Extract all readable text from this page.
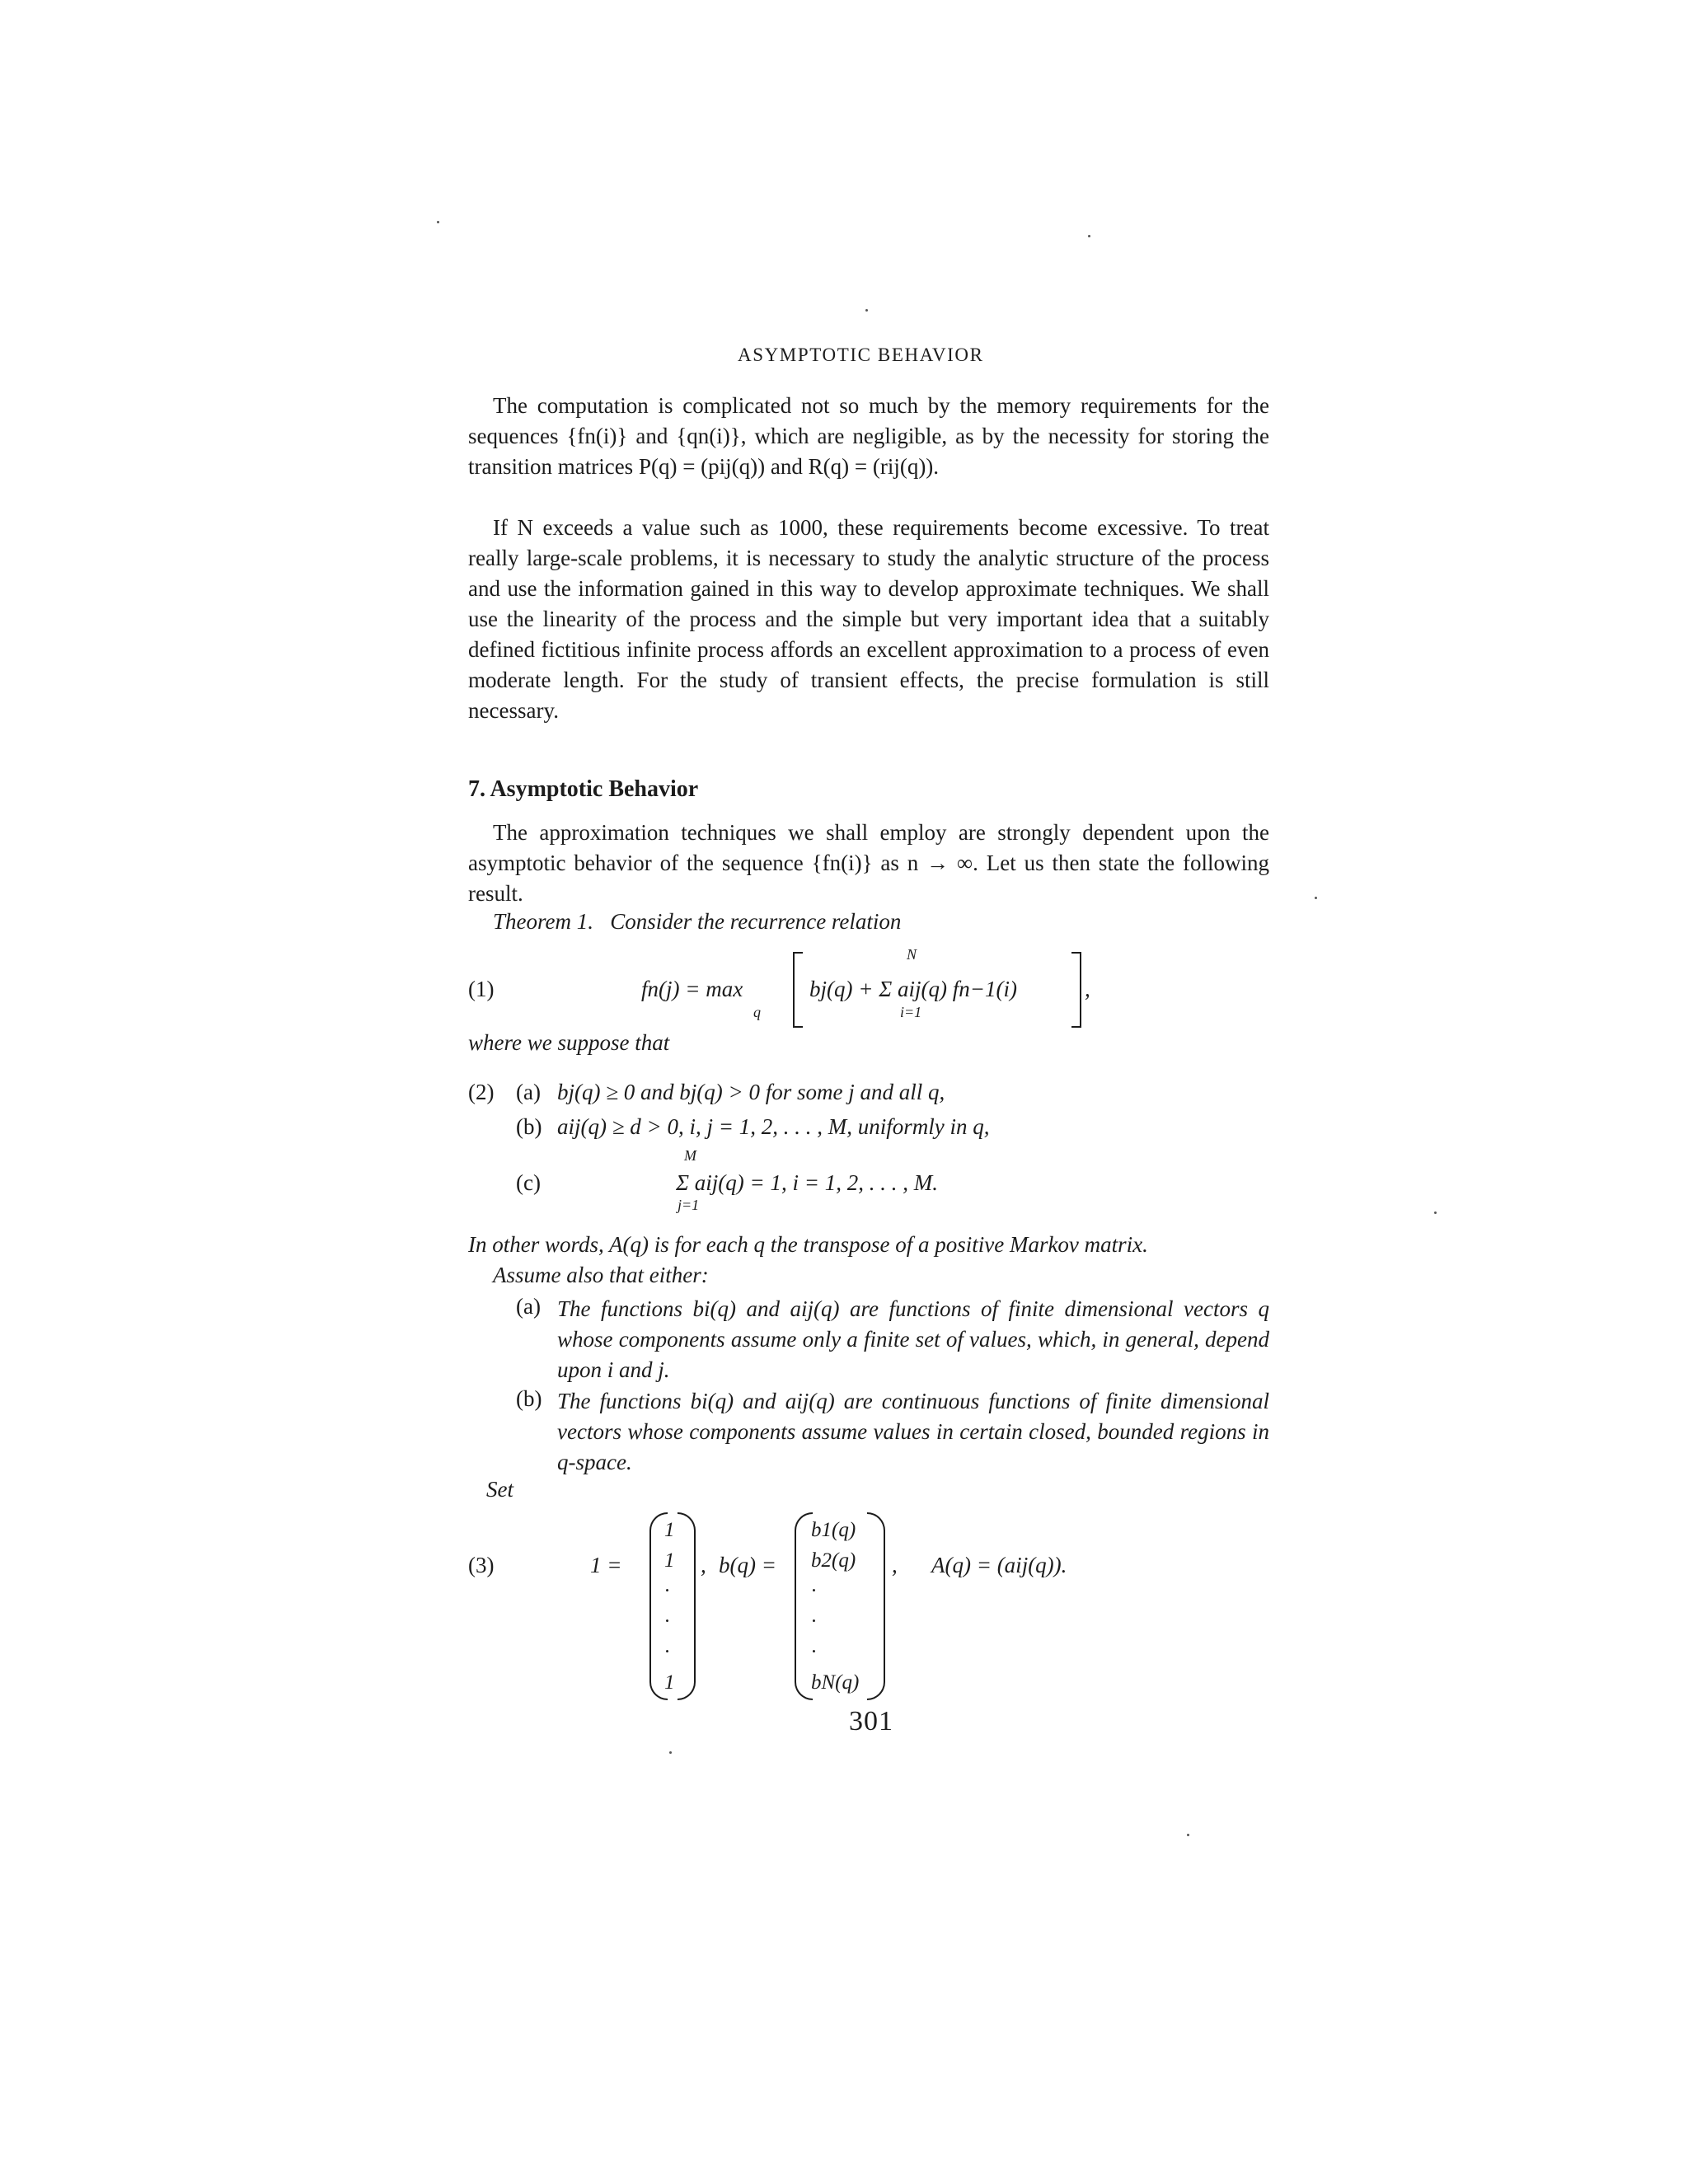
ASYMPTOTIC BEHAVIOR
The computation is complicated not so much by the memory requirements for the sequences {fn(i)} and {qn(i)}, which are negligible, as by the necessity for storing the transition matrices P(q) = (pij(q)) and R(q) = (rij(q)).
If N exceeds a value such as 1000, these requirements become excessive. To treat really large-scale problems, it is necessary to study the analytic structure of the process and use the information gained in this way to develop approximate techniques. We shall use the linearity of the process and the simple but very important idea that a suitably defined fictitious infinite process affords an excellent approximation to a process of even moderate length. For the study of transient effects, the precise formulation is still necessary.
7. Asymptotic Behavior
The approximation techniques we shall employ are strongly dependent upon the asymptotic behavior of the sequence {fn(i)} as n → ∞. Let us then state the following result.
Theorem 1. Consider the recurrence relation
(1)	fn(j) = max
q
N
bj(q) + Σ aij(q) fn−1(i)
i=1
,
where we suppose that
(2) (a) bj(q) ≥ 0 and bj(q) > 0 for some j and all q,
(b) aij(q) ≥ d > 0, i, j = 1, 2, . . . , M, uniformly in q,
(c)
M
Σ aij(q) = 1, i = 1, 2, . . . , M.
j=1
In other words, A(q) is for each q the transpose of a positive Markov matrix.
Assume also that either:
(a) The functions bi(q) and aij(q) are functions of finite dimensional vectors q whose components assume only a finite set of values, which, in general, depend upon i and j.
(b) The functions bi(q) and aij(q) are continuous functions of finite dimensional vectors whose components assume values in certain closed, bounded regions in q-space.
Set
(3)	1 =
1
1
·
·
·
1
, b(q) =
b1(q)
b2(q)
·
·
·
bN(q)
, A(q) = (aij(q)).
301
